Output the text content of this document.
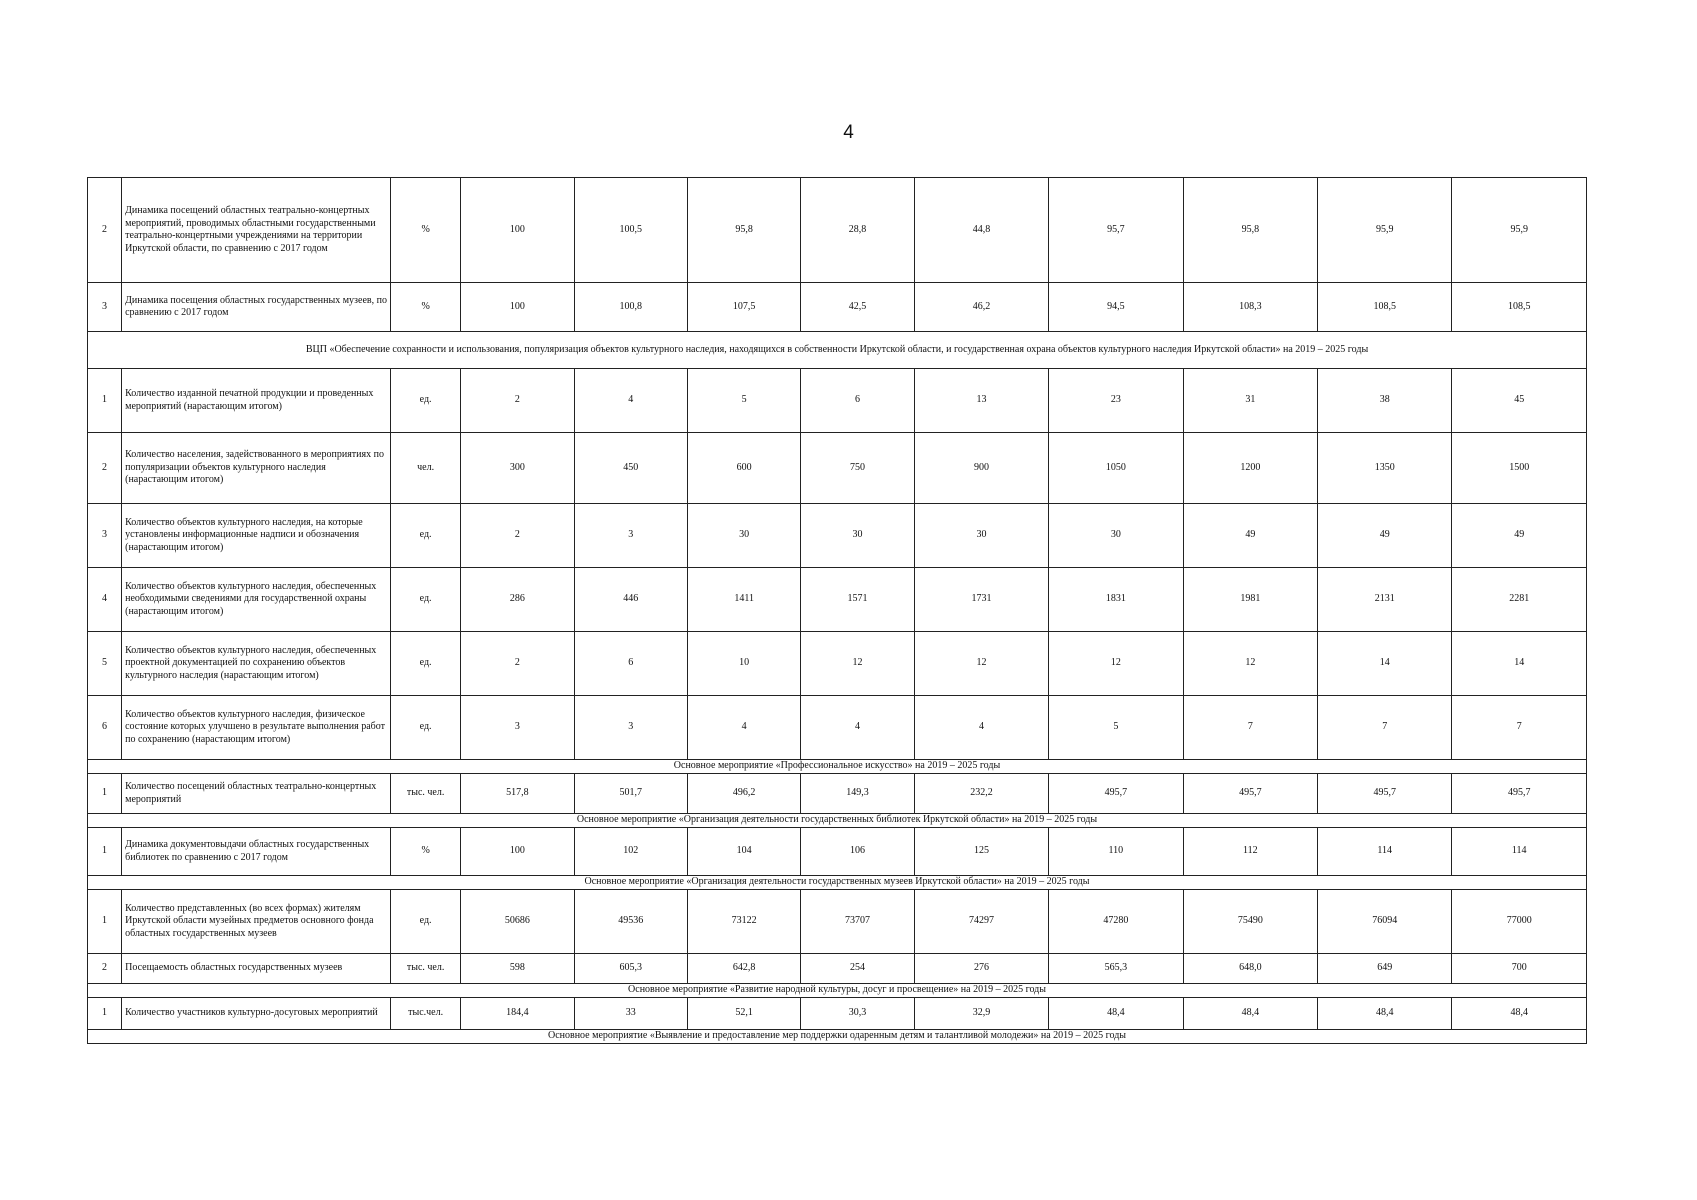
4
2	Динамика посещений областных театрально-концертных мероприятий, проводимых областными государственными театрально-концертными учреждениями на территории Иркутской области, по сравнению с 2017 годом	%	100	100,5	95,8	28,8	44,8	95,7	95,8	95,9	95,9
3	Динамика посещения областных государственных музеев, по сравнению с 2017 годом	%	100	100,8	107,5	42,5	46,2	94,5	108,3	108,5	108,5
ВЦП «Обеспечение сохранности и использования, популяризация объектов культурного наследия, находящихся в собственности Иркутской области, и государственная охрана объектов культурного наследия Иркутской области» на 2019 – 2025 годы											
1	Количество изданной печатной продукции и проведенных мероприятий (нарастающим итогом)	ед.	2	4	5	6	13	23	31	38	45
2	Количество населения, задействованного в мероприятиях по популяризации объектов культурного наследия (нарастающим итогом)	чел.	300	450	600	750	900	1050	1200	1350	1500
3	Количество объектов культурного наследия, на которые установлены информационные надписи и обозначения (нарастающим итогом)	ед.	2	3	30	30	30	30	49	49	49
4	Количество объектов культурного наследия, обеспеченных необходимыми сведениями для государственной охраны (нарастающим итогом)	ед.	286	446	1411	1571	1731	1831	1981	2131	2281
5	Количество объектов культурного наследия, обеспеченных проектной документацией по сохранению объектов культурного наследия (нарастающим итогом)	ед.	2	6	10	12	12	12	12	14	14
6	Количество объектов культурного наследия, физическое состояние которых улучшено в результате выполнения работ по сохранению (нарастающим итогом)	ед.	3	3	4	4	4	5	7	7	7
Основное мероприятие «Профессиональное искусство» на 2019 – 2025 годы											
1	Количество посещений областных театрально-концертных мероприятий	тыс. чел.	517,8	501,7	496,2	149,3	232,2	495,7	495,7	495,7	495,7
Основное мероприятие «Организация деятельности государственных библиотек Иркутской области» на 2019 – 2025 годы											
1	Динамика документовыдачи областных государственных библиотек по сравнению с 2017 годом	%	100	102	104	106	125	110	112	114	114
Основное мероприятие «Организация деятельности государственных музеев Иркутской области» на 2019 – 2025 годы											
1	Количество представленных (во всех формах) жителям Иркутской области музейных предметов основного фонда областных государственных музеев	ед.	50686	49536	73122	73707	74297	47280	75490	76094	77000
2	Посещаемость областных государственных музеев	тыс. чел.	598	605,3	642,8	254	276	565,3	648,0	649	700
Основное мероприятие «Развитие народной культуры, досуг и просвещение» на 2019 – 2025 годы											
1	Количество участников культурно-досуговых мероприятий	тыс.чел.	184,4	33	52,1	30,3	32,9	48,4	48,4	48,4	48,4
Основное мероприятие «Выявление и предоставление мер поддержки одаренным детям и талантливой молодежи» на 2019 – 2025 годы											
